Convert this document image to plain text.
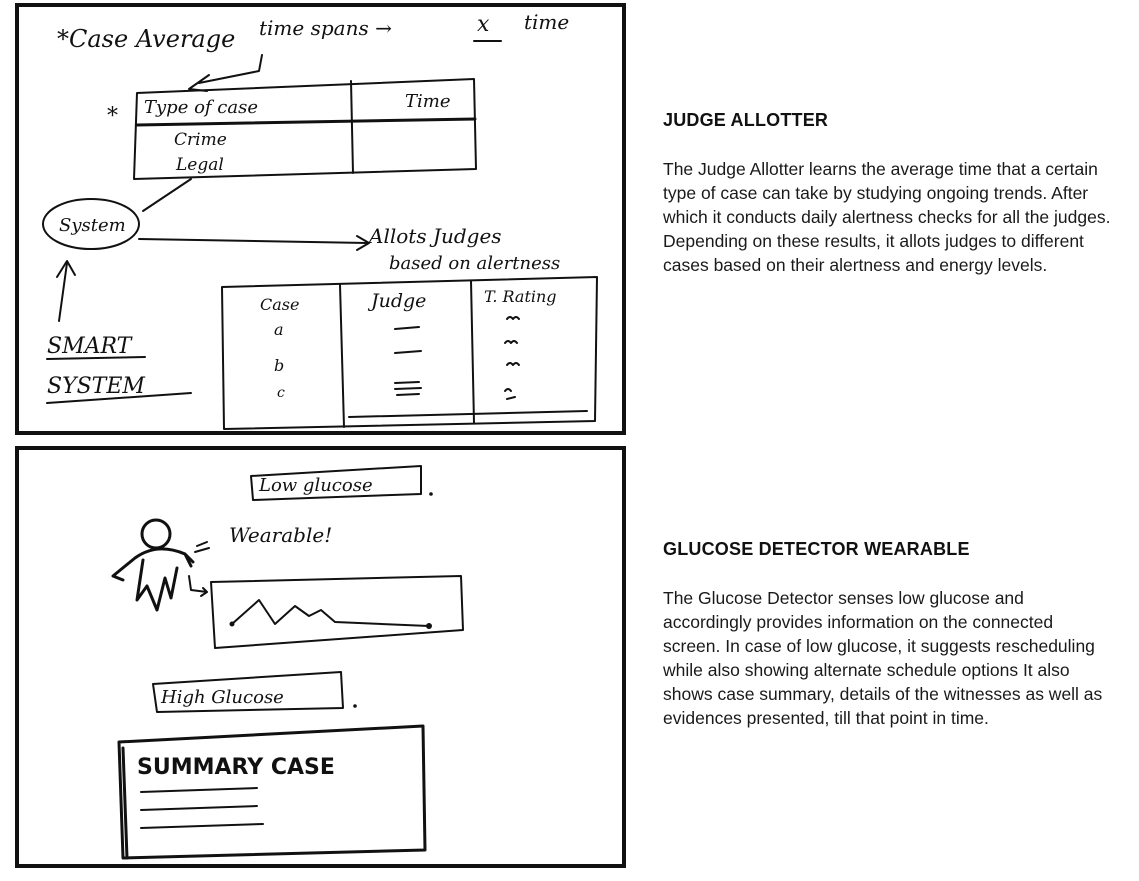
*Case Average time spans →	x time
* Type of case	Time
Crime
Legal
System	Allots Judges
based on alertness
SMART
SYSTEM
Case	Judge	T. Rating
a
b
c
Low glucose
Wearable!
High Glucose
SUMMARY CASE
JUDGE ALLOTTER

The Judge Allotter learns the average time that a certain type of case can take by studying ongoing trends. After which it conducts daily alertness checks for all the judges. Depending on these results, it allots judges to different cases based on their alertness and energy levels.

GLUCOSE DETECTOR WEARABLE

The Glucose Detector senses low glucose and accordingly provides information on the connected screen. In case of low glucose, it suggests rescheduling while also showing alternate schedule options It also shows case summary, details of the witnesses as well as evidences presented, till that point in time.
